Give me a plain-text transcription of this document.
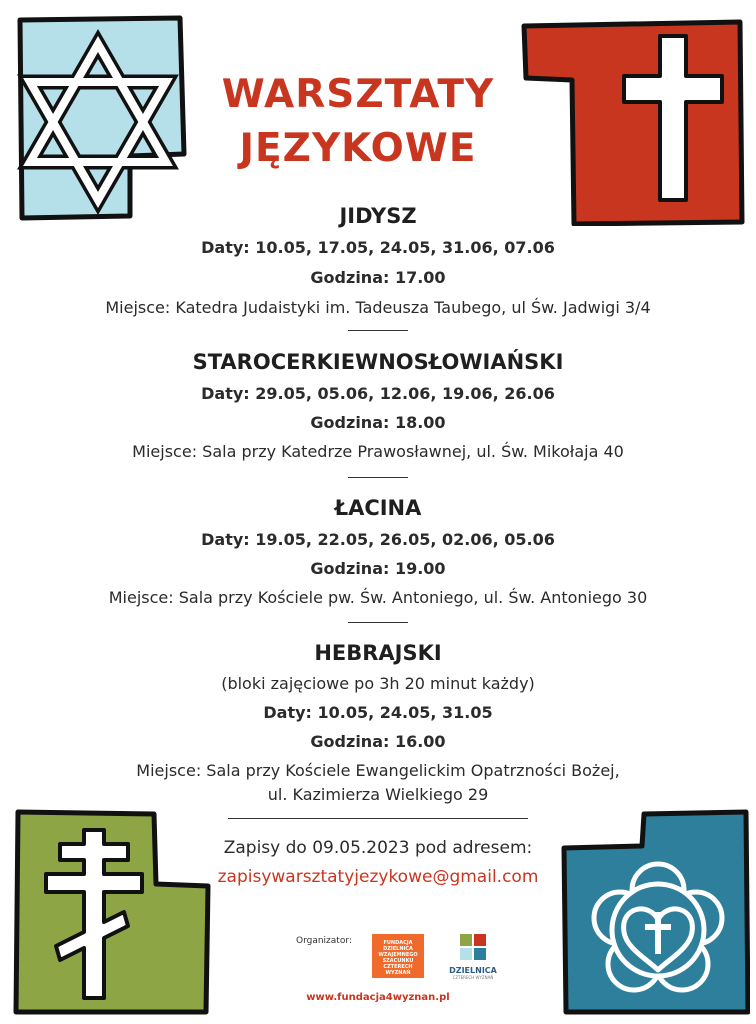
WARSZTATY
JĘZYKOWE
JIDYSZ
Daty: 10.05, 17.05, 24.05, 31.06, 07.06
Godzina: 17.00
Miejsce: Katedra Judaistyki im. Tadeusza Taubego, ul Św. Jadwigi 3/4
STAROCERKIEWNOSŁOWIAŃSKI
Daty: 29.05, 05.06, 12.06, 19.06, 26.06
Godzina: 18.00
Miejsce: Sala przy Katedrze Prawosławnej, ul. Św. Mikołaja 40
ŁACINA
Daty: 19.05, 22.05, 26.05, 02.06, 05.06
Godzina: 19.00
Miejsce: Sala przy Kościele pw. Św. Antoniego, ul. Św. Antoniego 30
HEBRAJSKI
(bloki zajęciowe po 3h 20 minut każdy)
Daty: 10.05, 24.05, 31.05
Godzina: 16.00
Miejsce: Sala przy Kościele Ewangelickim Opatrzności Bożej,
ul. Kazimierza Wielkiego 29
Zapisy do 09.05.2023 pod adresem:
zapisywarsztatyjezykowe@gmail.com
Organizator:	FUNDACJA DZIELNICA WZAJEMNEGO SZACUNKU CZTERECH WYZNAŃ	DZIELNICA
CZTERECH WYZNAŃ
www.fundacja4wyznan.pl
